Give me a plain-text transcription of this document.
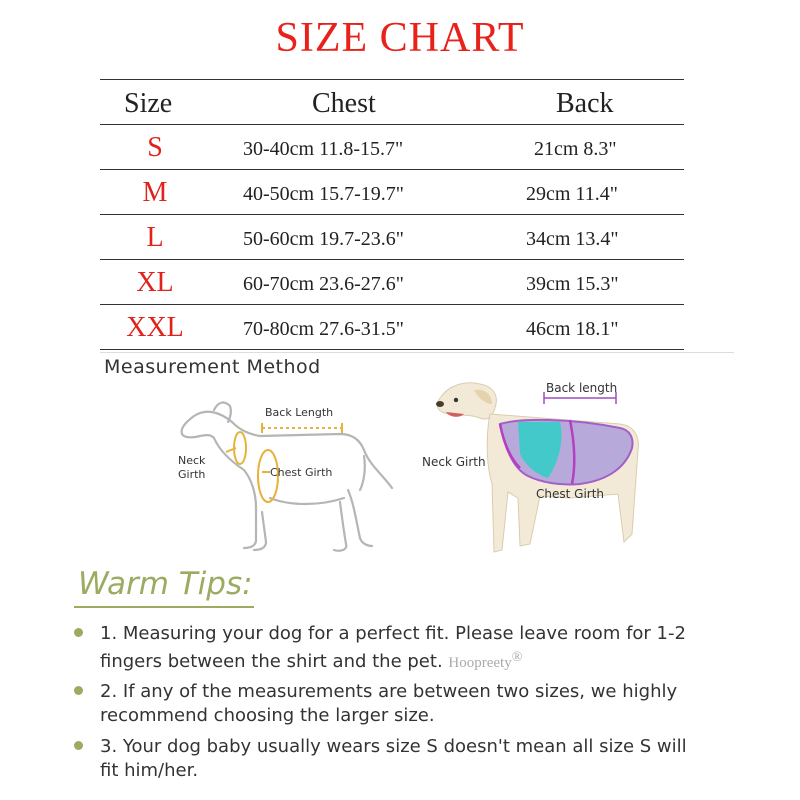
SIZE CHART
Size	Chest	Back
S	30-40cm 11.8-15.7"	21cm 8.3"
M	40-50cm 15.7-19.7"	29cm 11.4"
L	50-60cm 19.7-23.6"	34cm 13.4"
XL	60-70cm 23.6-27.6"	39cm 15.3"
XXL	70-80cm 27.6-31.5"	46cm 18.1"
Measurement Method
Back Length
Neck
Girth	Chest Girth
Back length
Neck Girth
Chest Girth
Warm Tips:
1. Measuring your dog for a perfect fit. Please leave room for 1-2
fingers between the shirt and the pet. Hoopreety®
2. If any of the measurements are between two sizes, we highly
recommend choosing the larger size.
3. Your dog baby usually wears size S doesn't mean all size S will
fit him/her.
